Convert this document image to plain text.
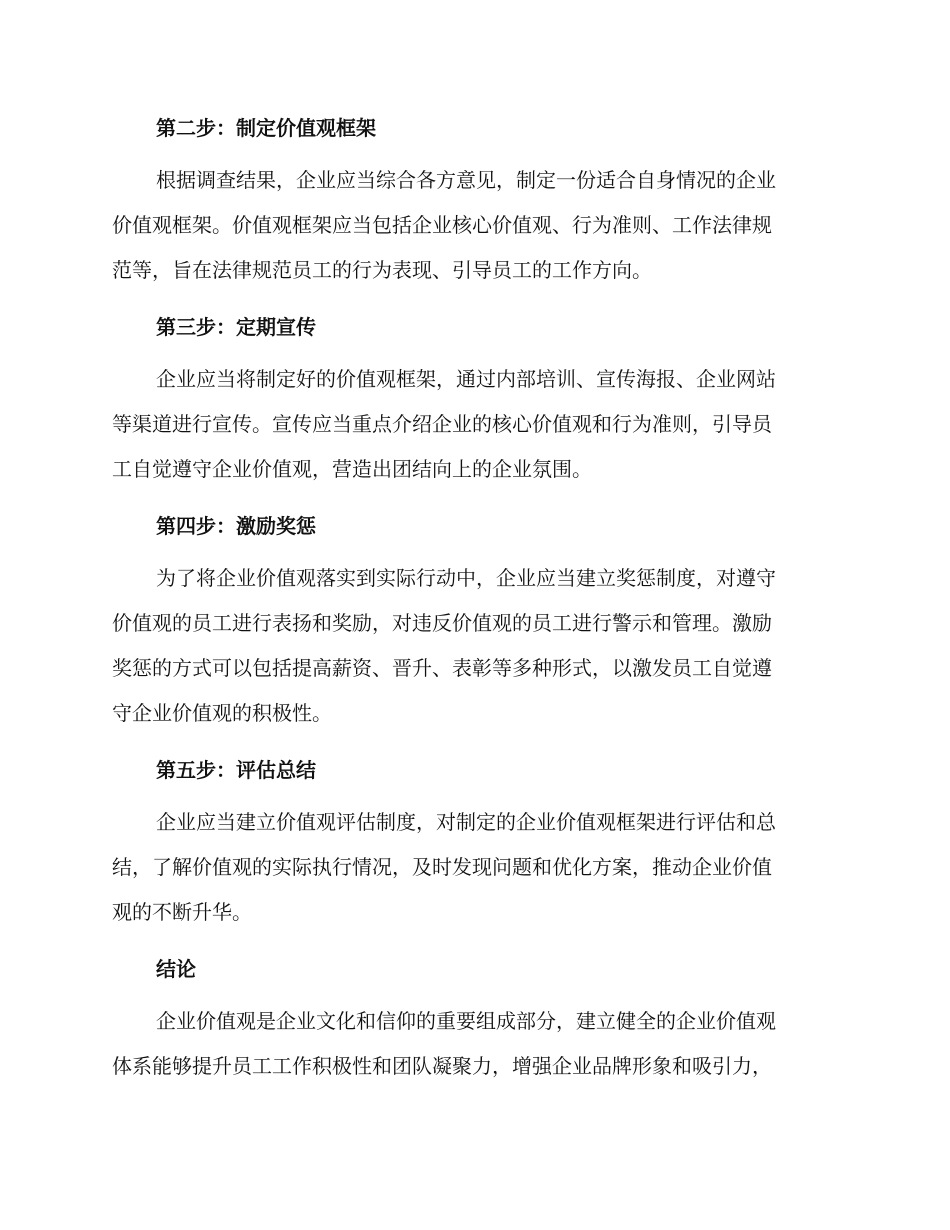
第二步：制定价值观框架

根据调查结果，企业应当综合各方意见，制定一份适合自身情况的企业
价值观框架。价值观框架应当包括企业核心价值观、行为准则、工作法律规
范等，旨在法律规范员工的行为表现、引导员工的工作方向。

第三步：定期宣传

企业应当将制定好的价值观框架，通过内部培训、宣传海报、企业网站
等渠道进行宣传。宣传应当重点介绍企业的核心价值观和行为准则，引导员
工自觉遵守企业价值观，营造出团结向上的企业氛围。

第四步：激励奖惩

为了将企业价值观落实到实际行动中，企业应当建立奖惩制度，对遵守
价值观的员工进行表扬和奖励，对违反价值观的员工进行警示和管理。激励
奖惩的方式可以包括提高薪资、晋升、表彰等多种形式，以激发员工自觉遵
守企业价值观的积极性。

第五步：评估总结

企业应当建立价值观评估制度，对制定的企业价值观框架进行评估和总
结，了解价值观的实际执行情况，及时发现问题和优化方案，推动企业价值
观的不断升华。

结论

企业价值观是企业文化和信仰的重要组成部分，建立健全的企业价值观
体系能够提升员工工作积极性和团队凝聚力，增强企业品牌形象和吸引力，
